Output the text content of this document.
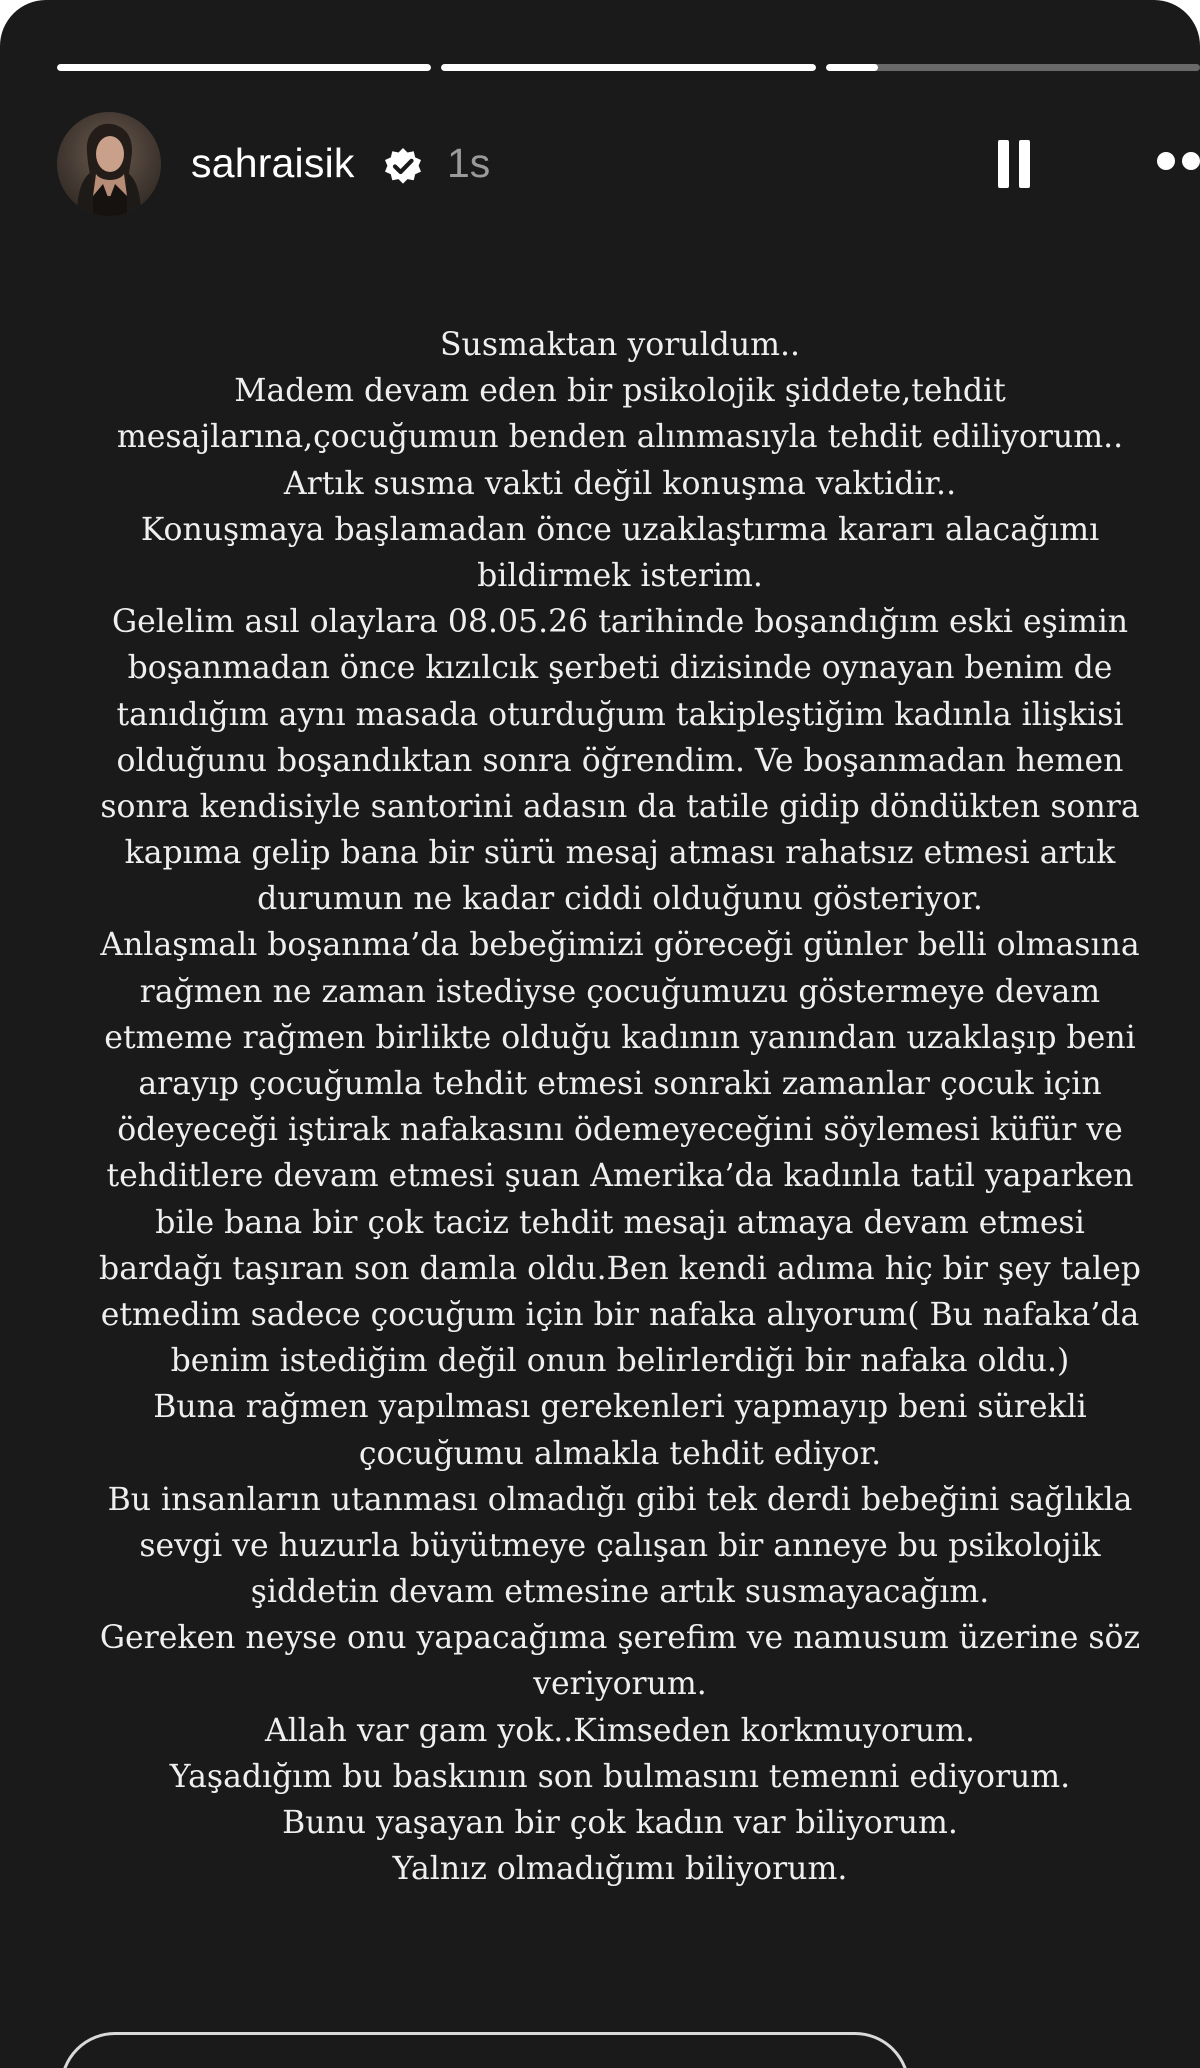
sahraisik 1s
Susmaktan yoruldum..
Madem devam eden bir psikolojik şiddete,tehdit
mesajlarına,çocuğumun benden alınmasıyla tehdit ediliyorum..
Artık susma vakti değil konuşma vaktidir..
Konuşmaya başlamadan önce uzaklaştırma kararı alacağımı
bildirmek isterim.
Gelelim asıl olaylara 08.05.26 tarihinde boşandığım eski eşimin
boşanmadan önce kızılcık şerbeti dizisinde oynayan benim de
tanıdığım aynı masada oturduğum takipleştiğim kadınla ilişkisi
olduğunu boşandıktan sonra öğrendim. Ve boşanmadan hemen
sonra kendisiyle santorini adasın da tatile gidip döndükten sonra
kapıma gelip bana bir sürü mesaj atması rahatsız etmesi artık
durumun ne kadar ciddi olduğunu gösteriyor.
Anlaşmalı boşanma’da bebeğimizi göreceği günler belli olmasına
rağmen ne zaman istediyse çocuğumuzu göstermeye devam
etmeme rağmen birlikte olduğu kadının yanından uzaklaşıp beni
arayıp çocuğumla tehdit etmesi sonraki zamanlar çocuk için
ödeyeceği iştirak nafakasını ödemeyeceğini söylemesi küfür ve
tehditlere devam etmesi şuan Amerika’da kadınla tatil yaparken
bile bana bir çok taciz tehdit mesajı atmaya devam etmesi
bardağı taşıran son damla oldu.Ben kendi adıma hiç bir şey talep
etmedim sadece çocuğum için bir nafaka alıyorum( Bu nafaka’da
benim istediğim değil onun belirlerdiği bir nafaka oldu.)
Buna rağmen yapılması gerekenleri yapmayıp beni sürekli
çocuğumu almakla tehdit ediyor.
Bu insanların utanması olmadığı gibi tek derdi bebeğini sağlıkla
sevgi ve huzurla büyütmeye çalışan bir anneye bu psikolojik
şiddetin devam etmesine artık susmayacağım.
Gereken neyse onu yapacağıma şerefim ve namusum üzerine söz
veriyorum.
Allah var gam yok..Kimseden korkmuyorum.
Yaşadığım bu baskının son bulmasını temenni ediyorum.
Bunu yaşayan bir çok kadın var biliyorum.
Yalnız olmadığımı biliyorum.
